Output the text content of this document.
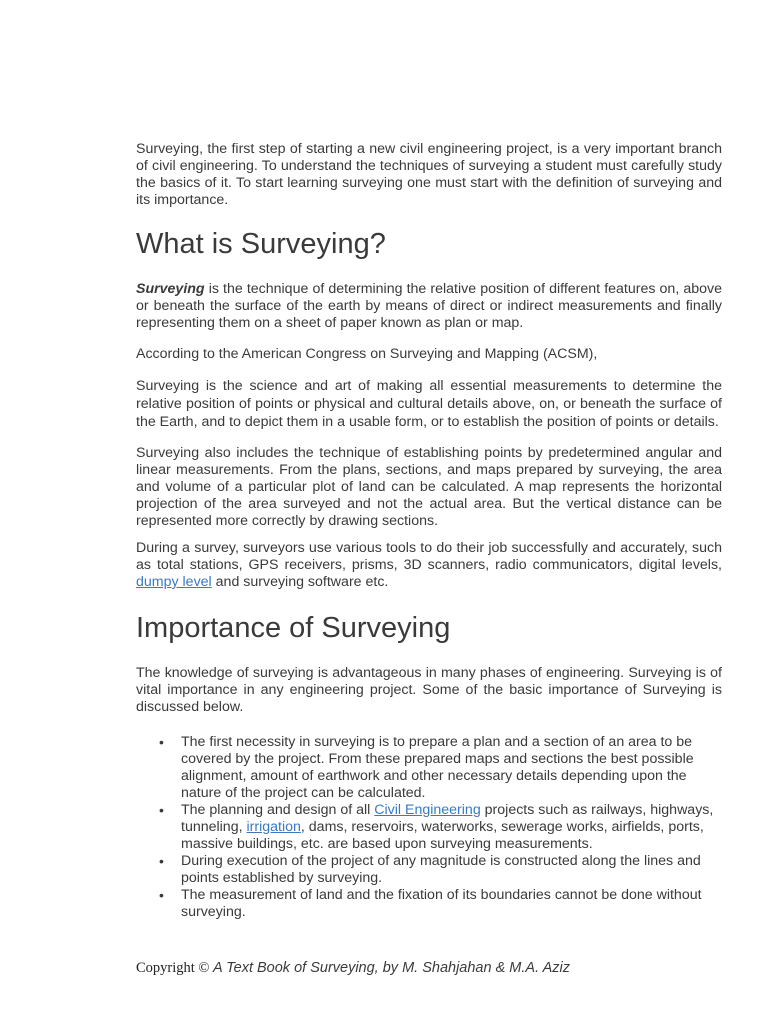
Surveying, the first step of starting a new civil engineering project, is a very important branch of civil engineering. To understand the techniques of surveying a student must carefully study the basics of it. To start learning surveying one must start with the definition of surveying and its importance.

What is Surveying?

Surveying is the technique of determining the relative position of different features on, above or beneath the surface of the earth by means of direct or indirect measurements and finally representing them on a sheet of paper known as plan or map.

According to the American Congress on Surveying and Mapping (ACSM),

Surveying is the science and art of making all essential measurements to determine the relative position of points or physical and cultural details above, on, or beneath the surface of the Earth, and to depict them in a usable form, or to establish the position of points or details.

Surveying also includes the technique of establishing points by predetermined angular and linear measurements. From the plans, sections, and maps prepared by surveying, the area and volume of a particular plot of land can be calculated. A map represents the horizontal projection of the area surveyed and not the actual area. But the vertical distance can be represented more correctly by drawing sections.

During a survey, surveyors use various tools to do their job successfully and accurately, such as total stations, GPS receivers, prisms, 3D scanners, radio communicators, digital levels, dumpy level and surveying software etc.

Importance of Surveying

The knowledge of surveying is advantageous in many phases of engineering. Surveying is of vital importance in any engineering project. Some of the basic importance of Surveying is discussed below.

• The first necessity in surveying is to prepare a plan and a section of an area to be covered by the project. From these prepared maps and sections the best possible alignment, amount of earthwork and other necessary details depending upon the nature of the project can be calculated.
• The planning and design of all Civil Engineering projects such as railways, highways, tunneling, irrigation, dams, reservoirs, waterworks, sewerage works, airfields, ports, massive buildings, etc. are based upon surveying measurements.
• During execution of the project of any magnitude is constructed along the lines and points established by surveying.
• The measurement of land and the fixation of its boundaries cannot be done without surveying.
Copyright © A Text Book of Surveying, by M. Shahjahan & M.A. Aziz
